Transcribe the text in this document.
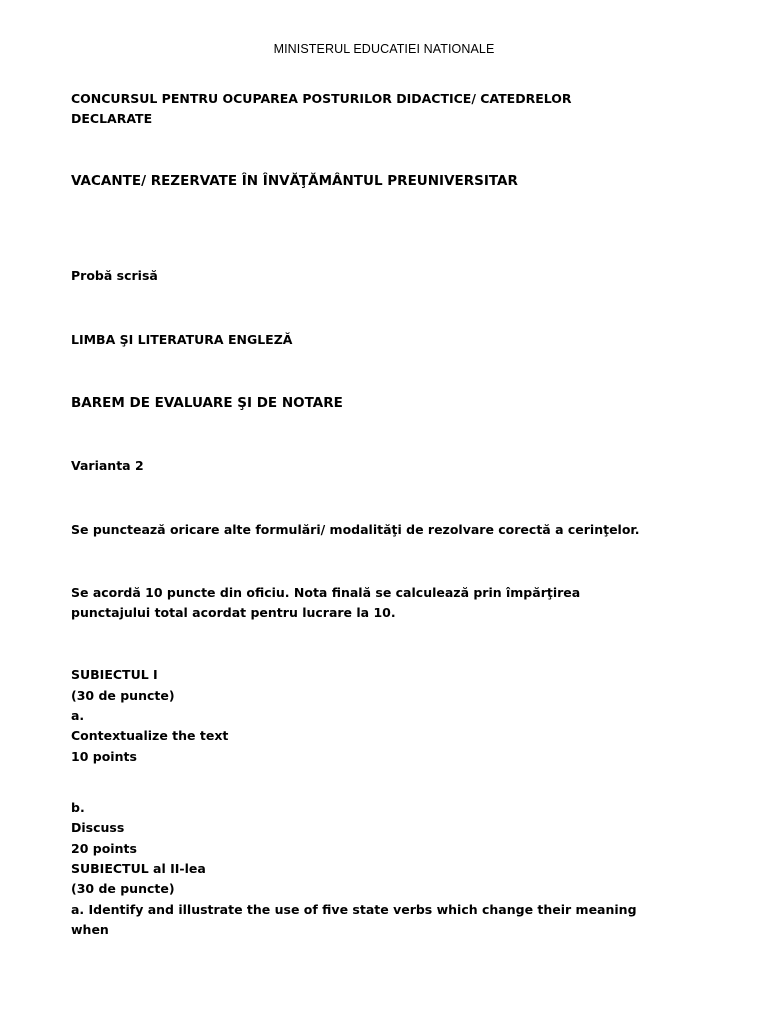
MINISTERUL EDUCATIEI NATIONALE
CONCURSUL PENTRU OCUPAREA POSTURILOR DIDACTICE/ CATEDRELOR
DECLARATE
VACANTE/ REZERVATE ÎN ÎNVĂŢĂMÂNTUL PREUNIVERSITAR
Probă scrisă
LIMBA ŞI LITERATURA ENGLEZĂ
BAREM DE EVALUARE ŞI DE NOTARE
Varianta 2
Se punctează oricare alte formulări/ modalităţi de rezolvare corectă a cerinţelor.
Se acordă 10 puncte din oficiu. Nota finală se calculează prin împărţirea
punctajului total acordat pentru lucrare la 10.
SUBIECTUL I
(30 de puncte)
a.
Contextualize the text
10 points
b.
Discuss
20 points
SUBIECTUL al II-lea
(30 de puncte)
a. Identify and illustrate the use of five state verbs which change their meaning
when
